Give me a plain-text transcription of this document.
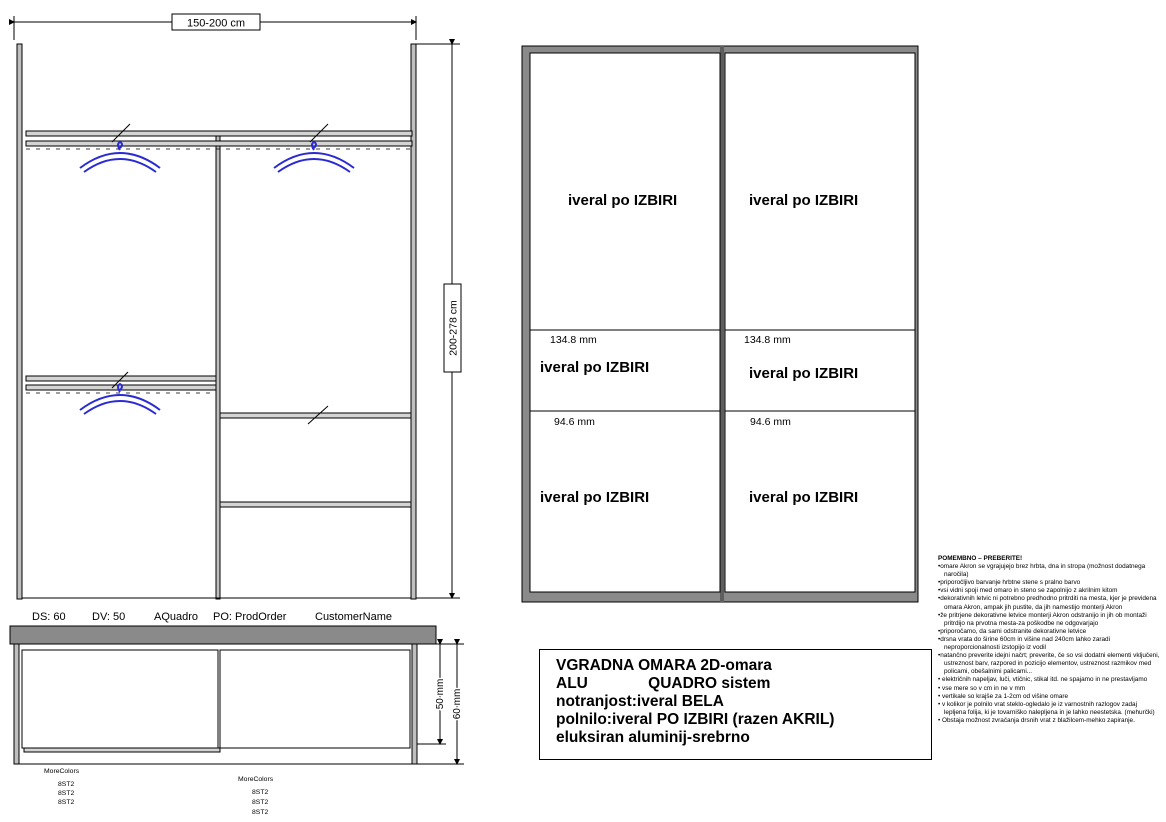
150-200 cm
200-278 cm
DS: 60 DV: 50	AQuadro PO: ProdOrder	CustomerName
50 mm 60 mm
MoreColors
8ST2
8ST2
8ST2
MoreColors
8ST2
8ST2
8ST2
iveral po IZBIRI
134.8 mm
iveral po IZBIRI
94.6 mm
iveral po IZBIRI
iveral po IZBIRI
134.8 mm
iveral po IZBIRI
94.6 mm
iveral po IZBIRI
VGRADNA OMARA 2D-omara
ALU              QUADRO sistem
notranjost:iveral BELA
polnilo:iveral PO IZBIRI (razen AKRIL)
eluksiran aluminij-srebrno
POMEMBNO – PREBERITE!
•omare Akron se vgrajujejo brez hrbta, dna in stropa (možnost dodatnega naročila)
•priporočljivo barvanje hrbtne stene s pralno barvo
•vsi vidni spoji med omaro in steno se zapolnijo z akrilnim kitom
•dekorativnih letvic ni potrebno predhodno pritrditi na mesta, kjer je previdena omara Akron, ampak jih pustite, da jih namestijo monterji Akron
•že pritrjene dekorativne letvice monterji Akron odstranijo in jih ob montaži pritrdijo na prvotna mesta-za poškodbe ne odgovarjajo
•priporočamo, da sami odstranite dekorativne letvice
•drsna vrata do širine 60cm in višine nad 240cm lahko zaradi neproporcionalnosti izstopijo iz vodil
•natančno preverite idejni načrt; preverite, če so vsi dodatni elementi vključeni, ustreznost barv, razpored in pozicijo elementov, ustreznost razmikov med policami, obešalnimi palicami...
• električnih napeljav, luči, vtičnic, stikal itd. ne spajamo in ne prestavljamo
• vse mere so v cm in ne v mm
• vertikale so krajše za 1-2cm od višine omare
• v kolikor je polnilo vrat steklo-ogledalo je iz varnostnih razlogov zadaj lepljena folija, ki je tovarniško nalepljena in je lahko neestetska. (mehurčki)
• Obstaja možnost zvračanja drsnih vrat z blažilcem-mehko zapiranje.
